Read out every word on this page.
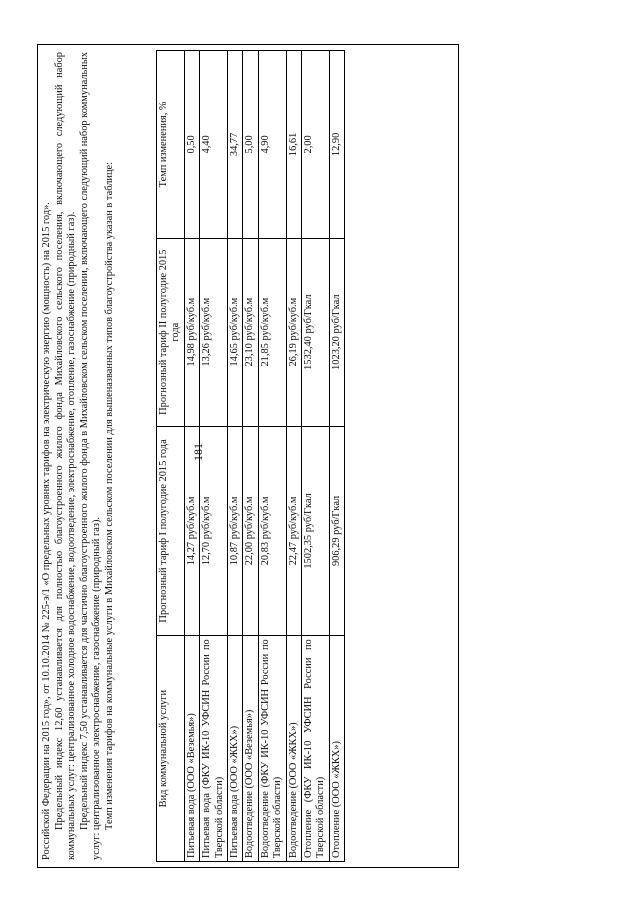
181

Российской Федерации на 2015 год», от 10.10.2014 № 225-э/1 «О предельных уровнях тарифов на электрическую энергию (мощность) на 2015 год». Предельный индекс 12,60 устанавливается для полностью благоустроенного жилого фонда Михайловского сельского поселения, включающего следующий набор коммунальных услуг: централизованное холодное водоснабжение, водоотведение, электроснабжение, отопление, газоснабжение (природный газ). Предельный индекс 7,50 устанавливается для частично благоустроенного жилого фонда в Михайловском сельском поселении, включающего следующий набор коммунальных услуг: централизованное электроснабжение, газоснабжение (природный газ). Темп изменения тарифов на коммунальные услуги в Михайловском сельском поселении для вышеназванных типов благоустройства указан в таблице:	Вид коммунальной услуги	Прогнозный тариф I полугодие 2015 года	Прогнозный тариф II полугодие 2015 года	Темп изменения, %
Питьевая вода (ООО «Веземья»)	14,27 руб/куб.м	14,98 руб/куб.м	0,50
Питьевая вода (ФКУ ИК-10 УФСИН России по Тверской области)	12,70 руб/куб.м	13,26 руб/куб.м	4,40
Питьевая вода (ООО «ЖКХ»)	10,87 руб/куб.м	14,65 руб/куб.м	34,77
Водоотведение (ООО «Веземья»)	22,00 руб/куб.м	23,10 руб/куб.м	5,00
Водоотведение (ФКУ ИК-10 УФСИН России по Тверской области)	20,83 руб/куб.м	21,85 руб/куб.м	4,90
Водоотведение (ООО «ЖКХ»)	22,47 руб/куб.м	26,19 руб/куб.м	16,61
Отопление (ФКУ ИК-10 УФСИН России по Тверской области)	1502,35 руб/Гкал	1532,40 руб/Гкал	2,00
Отопление (ООО «ЖКХ»)	906,29 руб/Гкал	1023,20 руб/Гкал	12,90
